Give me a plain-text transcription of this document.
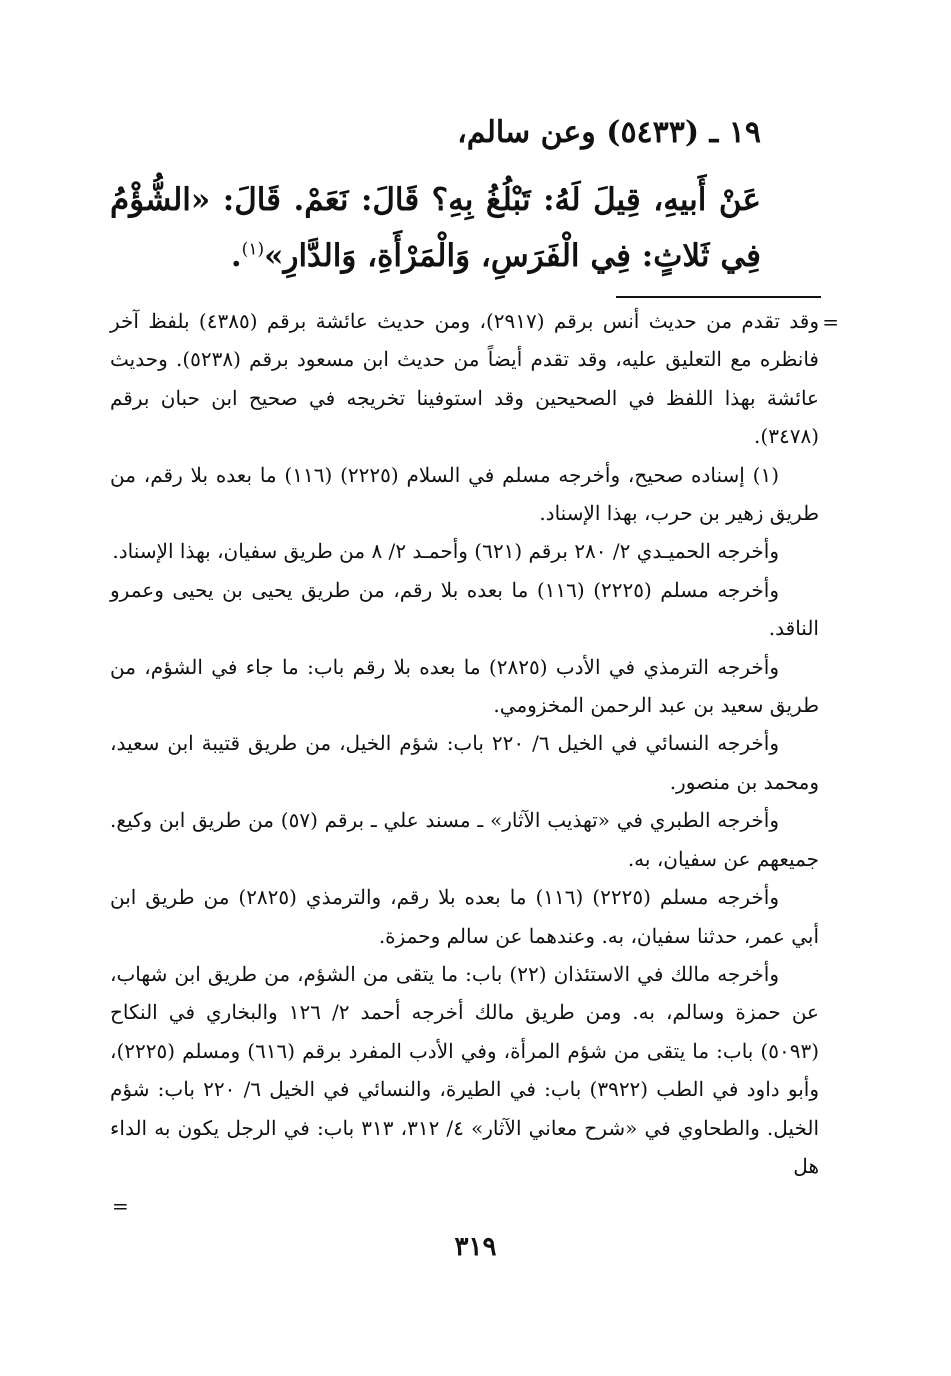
١٩ ـ (٥٤٣٣) وعن سالم،
عَنْ أَبيهِ، قِيلَ لَهُ: تَبْلُغُ بِهِ؟ قَالَ: نَعَمْ. قَالَ: «الشُّؤْمُ فِي ثَلاثٍ: فِي الْفَرَسِ، وَالْمَرْأَةِ، وَالدَّارِ»$^{(١)}$.
=

وقد تقدم من حديث أنس برقم (٢٩١٧)، ومن حديث عائشة برقم (٤٣٨٥) بلفظ آخر فانظره مع التعليق عليه، وقد تقدم أيضاً من حديث ابن مسعود برقم (٥٢٣٨). وحديث عائشة بهذا اللفظ في الصحيحين وقد استوفينا تخريجه في صحيح ابن حبان برقم (٣٤٧٨).

(١) إسناده صحيح، وأخرجه مسلم في السلام (٢٢٢٥) (١١٦) ما بعده بلا رقم، من طريق زهير بن حرب، بهذا الإسناد.

وأخرجه الحميـدي ٢/ ٢٨٠ برقم (٦٢١) وأحمـد ٢/ ٨ من طريق سفيان، بهذا الإسناد.

وأخرجه مسلم (٢٢٢٥) (١١٦) ما بعده بلا رقم، من طريق يحيى بن يحيى وعمرو الناقد.

وأخرجه الترمذي في الأدب (٢٨٢٥) ما بعده بلا رقم باب: ما جاء في الشؤم، من طريق سعيد بن عبد الرحمن المخزومي.

وأخرجه النسائي في الخيل ٦/ ٢٢٠ باب: شؤم الخيل، من طريق قتيبة ابن سعيد، ومحمد بن منصور.

وأخرجه الطبري في «تهذيب الآثار» ـ مسند علي ـ برقم (٥٧) من طريق ابن وكيع. جميعهم عن سفيان، به.

وأخرجه مسلم (٢٢٢٥) (١١٦) ما بعده بلا رقم، والترمذي (٢٨٢٥) من طريق ابن أبي عمر، حدثنا سفيان، به. وعندهما عن سالم وحمزة.

وأخرجه مالك في الاستئذان (٢٢) باب: ما يتقى من الشؤم، من طريق ابن شهاب، عن حمزة وسالم، به. ومن طريق مالك أخرجه أحمد ٢/ ١٢٦ والبخاري في النكاح (٥٠٩٣) باب: ما يتقى من شؤم المرأة، وفي الأدب المفرد برقم (٦١٦) ومسلم (٢٢٢٥)، وأبو داود في الطب (٣٩٢٢) باب: في الطيرة، والنسائي في الخيل ٦/ ٢٢٠ باب: شؤم الخيل. والطحاوي في «شرح معاني الآثار» ٤/ ٣١٢، ٣١٣ باب: في الرجل يكون به الداء هل

=
٣١٩
